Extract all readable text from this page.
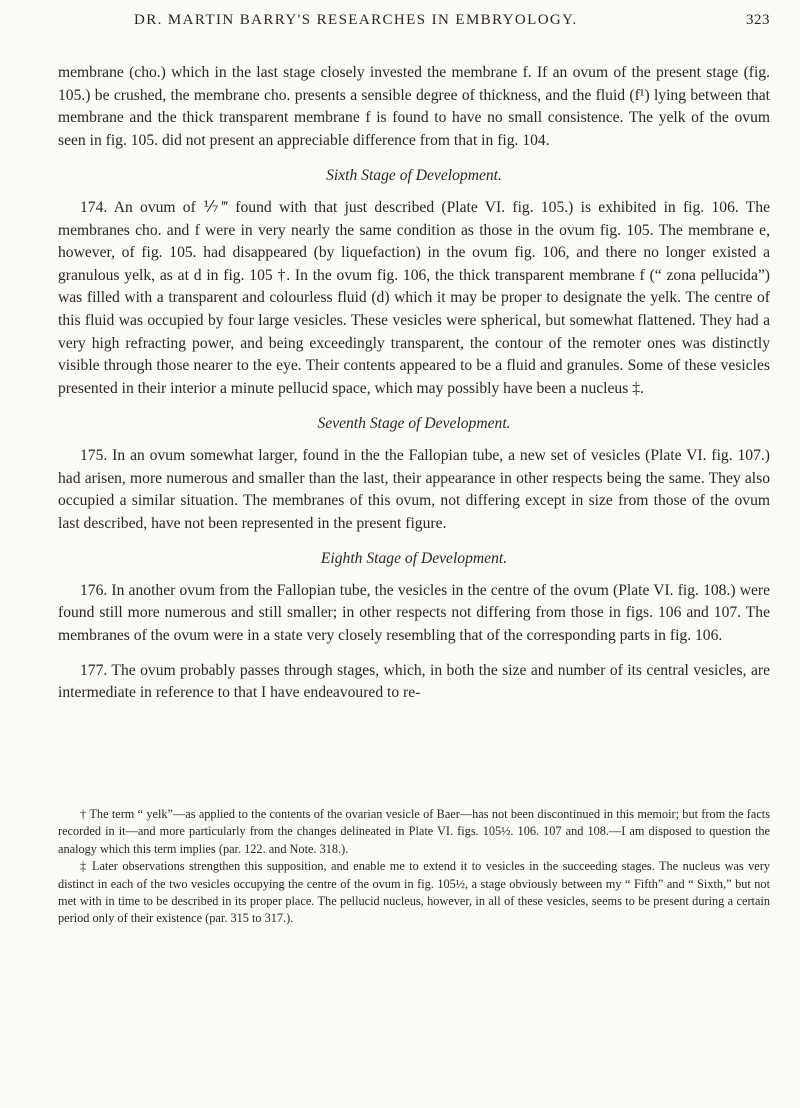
DR. MARTIN BARRY'S RESEARCHES IN EMBRYOLOGY.	323

membrane (cho.) which in the last stage closely invested the membrane f. If an ovum of the present stage (fig. 105.) be crushed, the membrane cho. presents a sensible degree of thickness, and the fluid (f¹) lying between that membrane and the thick transparent membrane f is found to have no small consistence. The yelk of the ovum seen in fig. 105. did not present an appreciable difference from that in fig. 104.

Sixth Stage of Development.

174. An ovum of ⅐‴ found with that just described (Plate VI. fig. 105.) is exhibited in fig. 106. The membranes cho. and f were in very nearly the same condition as those in the ovum fig. 105. The membrane e, however, of fig. 105. had disappeared (by liquefaction) in the ovum fig. 106, and there no longer existed a granulous yelk, as at d in fig. 105 †. In the ovum fig. 106, the thick transparent membrane f (“ zona pellucida”) was filled with a transparent and colourless fluid (d) which it may be proper to designate the yelk. The centre of this fluid was occupied by four large vesicles. These vesicles were spherical, but somewhat flattened. They had a very high refracting power, and being exceedingly transparent, the contour of the remoter ones was distinctly visible through those nearer to the eye. Their contents appeared to be a fluid and granules. Some of these vesicles presented in their interior a minute pellucid space, which may possibly have been a nucleus ‡.

Seventh Stage of Development.

175. In an ovum somewhat larger, found in the the Fallopian tube, a new set of vesicles (Plate VI. fig. 107.) had arisen, more numerous and smaller than the last, their appearance in other respects being the same. They also occupied a similar situation. The membranes of this ovum, not differing except in size from those of the ovum last described, have not been represented in the present figure.

Eighth Stage of Development.

176. In another ovum from the Fallopian tube, the vesicles in the centre of the ovum (Plate VI. fig. 108.) were found still more numerous and still smaller; in other respects not differing from those in figs. 106 and 107. The membranes of the ovum were in a state very closely resembling that of the corresponding parts in fig. 106.

177. The ovum probably passes through stages, which, in both the size and number of its central vesicles, are intermediate in reference to that I have endeavoured to re-

† The term “ yelk”—as applied to the contents of the ovarian vesicle of Baer—has not been discontinued in this memoir; but from the facts recorded in it—and more particularly from the changes delineated in Plate VI. figs. 105½. 106. 107 and 108.—I am disposed to question the analogy which this term implies (par. 122. and Note. 318.).

‡ Later observations strengthen this supposition, and enable me to extend it to vesicles in the succeeding stages. The nucleus was very distinct in each of the two vesicles occupying the centre of the ovum in fig. 105½, a stage obviously between my “ Fifth” and “ Sixth,” but not met with in time to be described in its proper place. The pellucid nucleus, however, in all of these vesicles, seems to be present during a certain period only of their existence (par. 315 to 317.).
